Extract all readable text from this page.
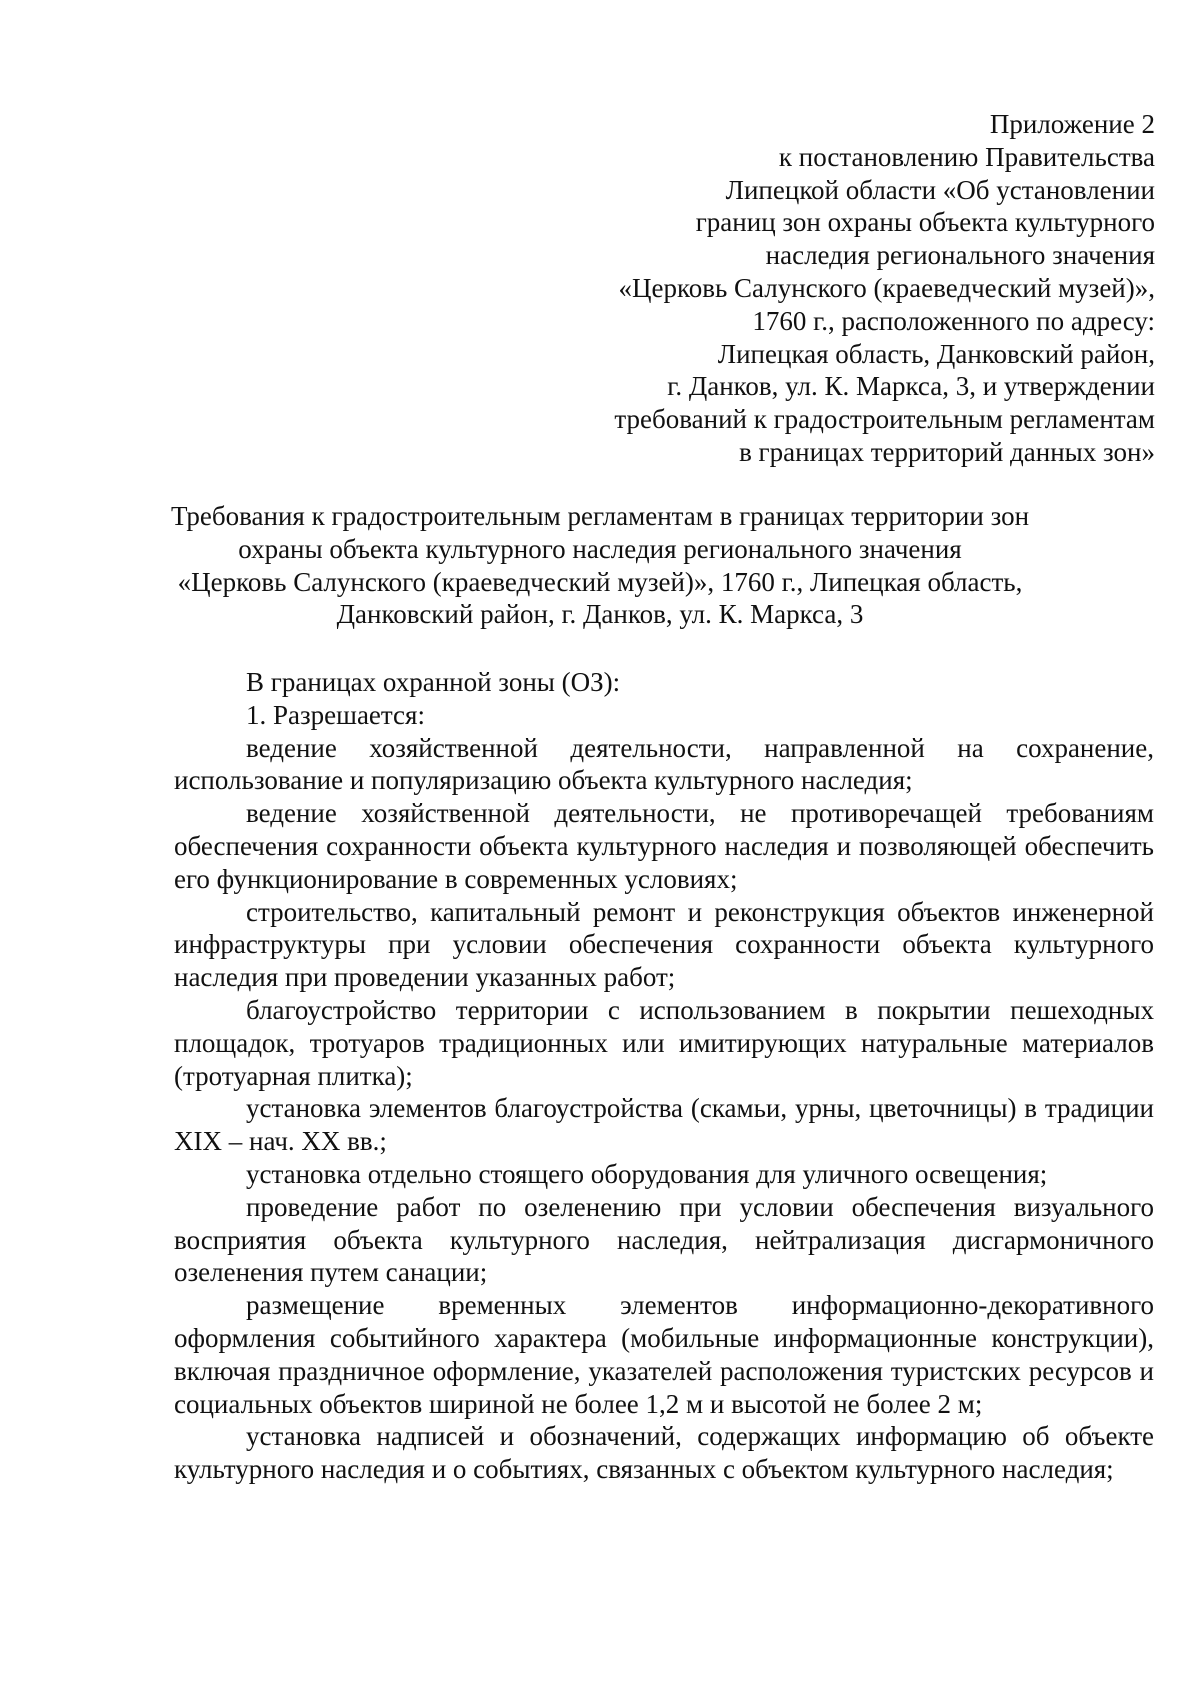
Приложение 2
к постановлению Правительства
Липецкой области «Об установлении
границ зон охраны объекта культурного
наследия регионального значения
«Церковь Салунского (краеведческий музей)»,
1760 г., расположенного по адресу:
Липецкая область, Данковский район,
г. Данков, ул. К. Маркса, 3, и утверждении
требований к градостроительным регламентам
в границах территорий данных зон»
Требования к градостроительным регламентам в границах территории зон
охраны объекта культурного наследия регионального значения
«Церковь Салунского (краеведческий музей)», 1760 г., Липецкая область,
Данковский район, г. Данков, ул. К. Маркса, 3

В границах охранной зоны (ОЗ):

1. Разрешается:

ведение хозяйственной деятельности, направленной на сохранение, использование и популяризацию объекта культурного наследия;

ведение хозяйственной деятельности, не противоречащей требованиям обеспечения сохранности объекта культурного наследия и позволяющей обеспечить его функционирование в современных условиях;

строительство, капитальный ремонт и реконструкция объектов инженерной инфраструктуры при условии обеспечения сохранности объекта культурного наследия при проведении указанных работ;

благоустройство территории с использованием в покрытии пешеходных площадок, тротуаров традиционных или имитирующих натуральные материалов (тротуарная плитка);

установка элементов благоустройства (скамьи, урны, цветочницы) в традиции XIX – нач. XX вв.;

установка отдельно стоящего оборудования для уличного освещения;

проведение работ по озеленению при условии обеспечения визуального восприятия объекта культурного наследия, нейтрализация дисгармоничного озеленения путем санации;

размещение временных элементов информационно-декоративного оформления событийного характера (мобильные информационные конструкции), включая праздничное оформление, указателей расположения туристских ресурсов и социальных объектов шириной не более 1,2 м и высотой не более 2 м;

установка надписей и обозначений, содержащих информацию об объекте культурного наследия и о событиях, связанных с объектом культурного наследия;
